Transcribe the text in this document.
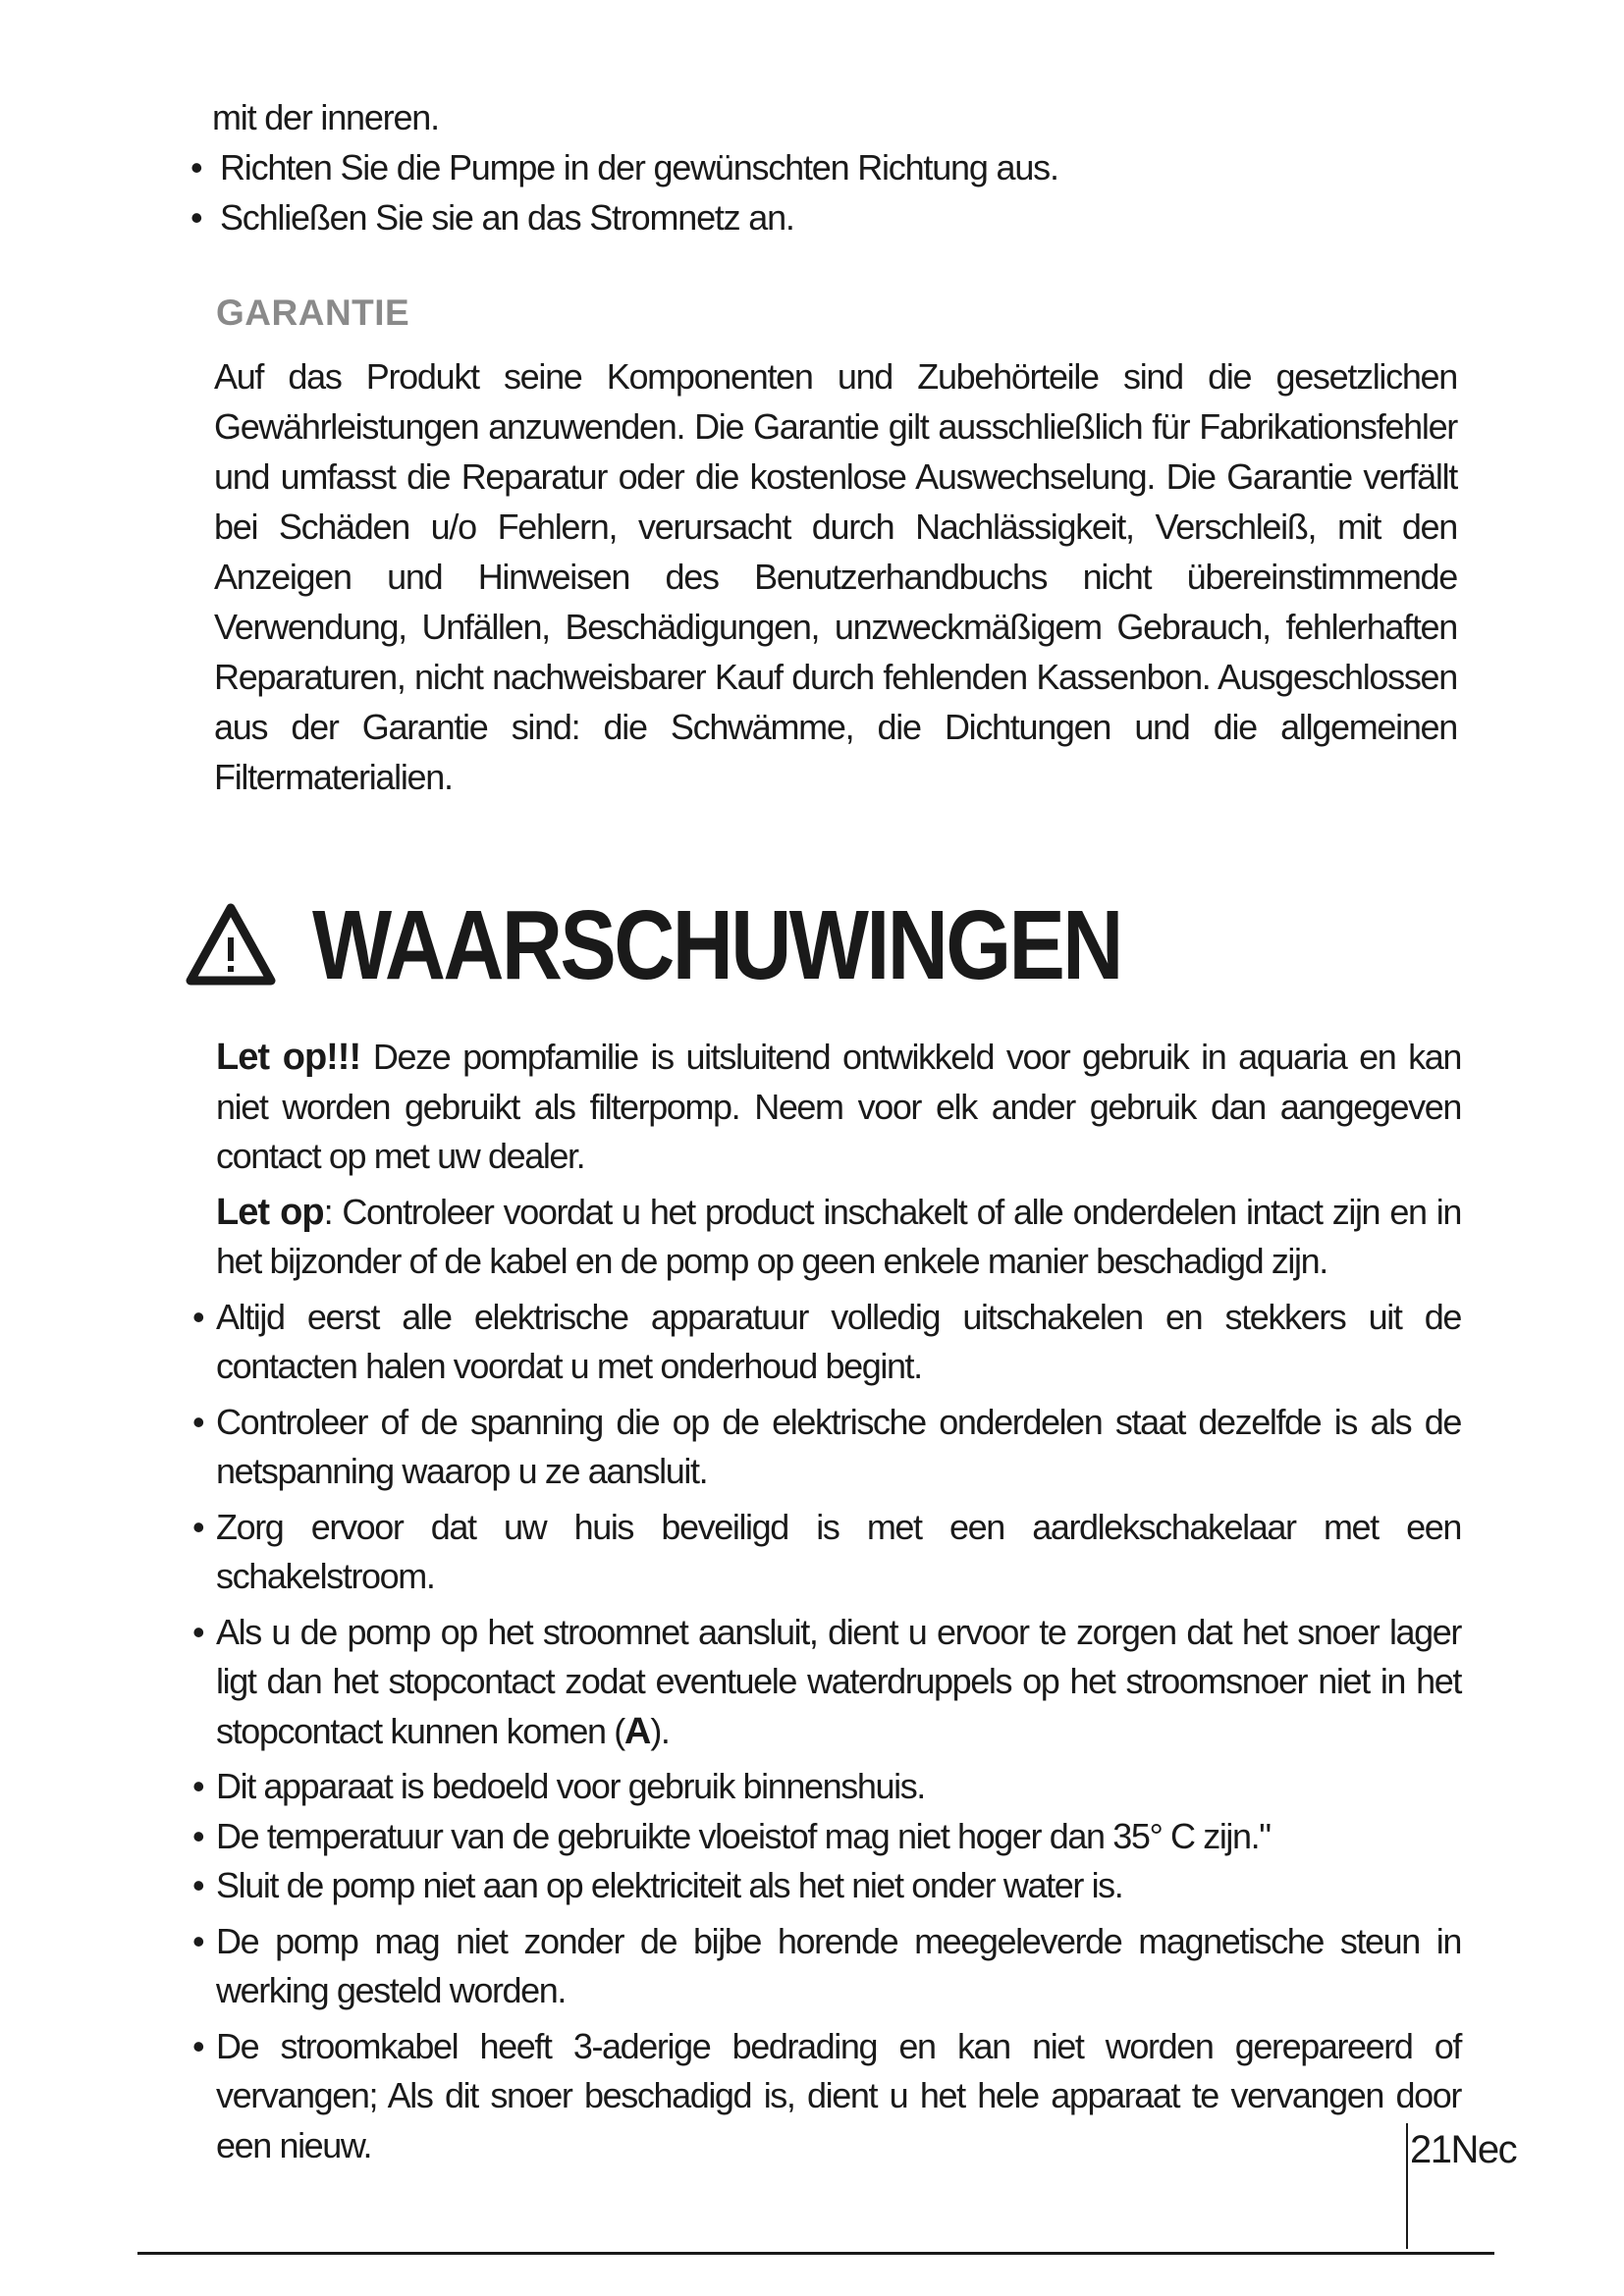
mit der inneren.

• Richten Sie die Pumpe in der gewünschten Richtung aus.

• Schließen Sie sie an das Stromnetz an.

GARANTIE

Auf das Produkt seine Komponenten und Zubehörteile sind die gesetzlichen Gewährleistungen anzuwenden. Die Garantie gilt ausschließlich für Fabrikationsfehler und umfasst die Reparatur oder die kostenlose Auswechselung. Die Garantie verfällt bei Schäden u/o Fehlern, verursacht durch Nachlässigkeit, Verschleiß, mit den Anzeigen und Hinweisen des Benutzerhandbuchs nicht übereinstimmende Verwendung, Unfällen, Beschädigungen, unzweckmäßigem Gebrauch, fehlerhaften Reparaturen, nicht nachweisbarer Kauf durch fehlenden Kassenbon. Ausgeschlossen aus der Garantie sind: die Schwämme, die Dichtungen und die allgemeinen Filtermaterialien.

WAARSCHUWINGEN

Let op!!! Deze pompfamilie is uitsluitend ontwikkeld voor gebruik in aquaria en kan niet worden gebruikt als filterpomp. Neem voor elk ander gebruik dan aangegeven contact op met uw dealer.

Let op: Controleer voordat u het product inschakelt of alle onderdelen intact zijn en in het bijzonder of de kabel en de pomp op geen enkele manier beschadigd zijn.

• Altijd eerst alle elektrische apparatuur volledig uitschakelen en stekkers uit de contacten halen voordat u met onderhoud begint.

• Controleer of de spanning die op de elektrische onderdelen staat dezelfde is als de netspanning waarop u ze aansluit.

• Zorg ervoor dat uw huis beveiligd is met een aardlekschakelaar met een schakelstroom.

• Als u de pomp op het stroomnet aansluit, dient u ervoor te zorgen dat het snoer lager ligt dan het stopcontact zodat eventuele waterdruppels op het stroomsnoer niet in het stopcontact kunnen komen (A).

• Dit apparaat is bedoeld voor gebruik binnenshuis.

• De temperatuur van de gebruikte vloeistof mag niet hoger dan 35° C zijn."

• Sluit de pomp niet aan op elektriciteit als het niet onder water is.

• De pomp mag niet zonder de bijbe horende meegeleverde magnetische steun in werking gesteld worden.

• De stroomkabel heeft 3-aderige bedrading en kan niet worden gerepareerd of vervangen; Als dit snoer beschadigd is, dient u het hele apparaat te vervangen door een nieuw.	21Nec
